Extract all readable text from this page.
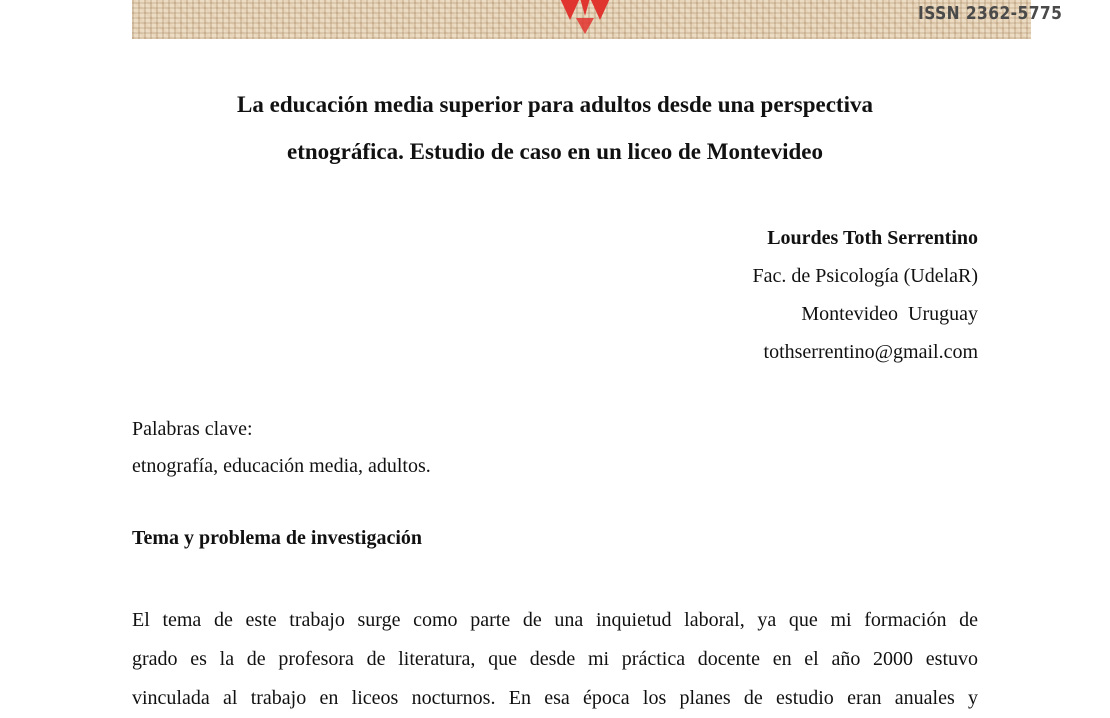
ISSN 2362-5775
La educación media superior para adultos desde una perspectiva
etnográfica. Estudio de caso en un liceo de Montevideo
Lourdes Toth Serrentino
Fac. de Psicología (UdelaR)
Montevideo  Uruguay
tothserrentino@gmail.com
Palabras clave:
etnografía, educación media, adultos.
Tema y problema de investigación
El tema de este trabajo surge como parte de una inquietud laboral, ya que mi formación de
grado es la de profesora de literatura, que desde mi práctica docente en el año 2000 estuvo
vinculada al trabajo en liceos nocturnos. En esa época los planes de estudio eran anuales y
